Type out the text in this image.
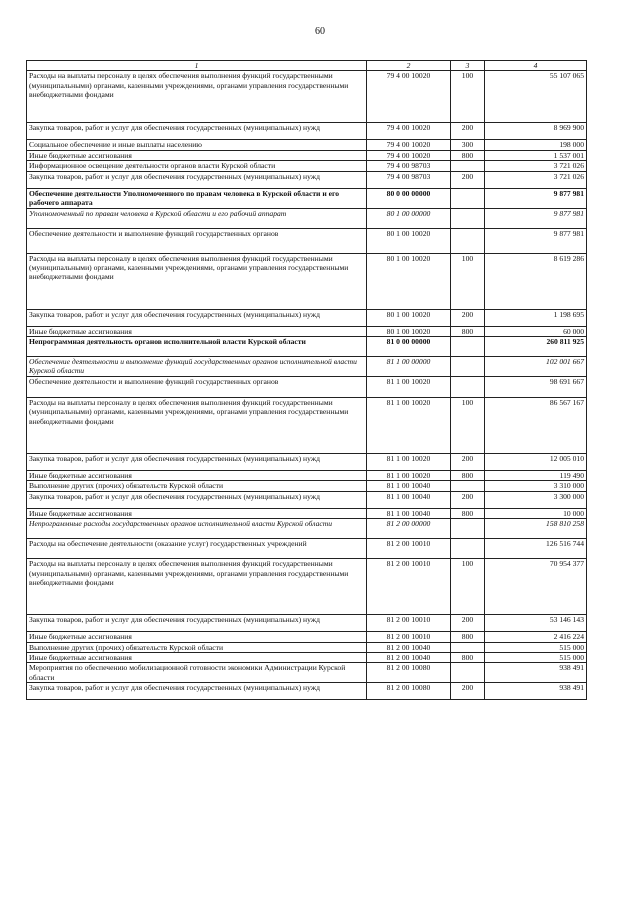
60
1	2	3	4
Расходы на выплаты персоналу в целях обеспечения выполнения функций государственными (муниципальными) органами, казенными учреждениями, органами управления государственными внебюджетными фондами	79 4 00 10020	100	55 107 065
Закупка товаров, работ и услуг для обеспечения государственных (муниципальных) нужд	79 4 00 10020	200	8 969 900
Социальное обеспечение и иные выплаты населению	79 4 00 10020	300	198 000
Иные бюджетные ассигнования	79 4 00 10020	800	1 537 001
Информационное освещение деятельности органов власти Курской области	79 4 00 98703		3 721 026
Закупка товаров, работ и услуг для обеспечения государственных (муниципальных) нужд	79 4 00 98703	200	3 721 026
Обеспечение деятельности Уполномоченного по правам человека в Курской области и его рабочего аппарата	80 0 00 00000		9 877 981
Уполномоченный по правам человека в Курской области и его рабочий аппарат	80 1 00 00000		9 877 981
Обеспечение деятельности и выполнение функций государственных органов	80 1 00 10020		9 877 981
Расходы на выплаты персоналу в целях обеспечения выполнения функций государственными (муниципальными) органами, казенными учреждениями, органами управления государственными внебюджетными фондами	80 1 00 10020	100	8 619 286
Закупка товаров, работ и услуг для обеспечения государственных (муниципальных) нужд	80 1 00 10020	200	1 198 695
Иные бюджетные ассигнования	80 1 00 10020	800	60 000
Непрограммная деятельность органов исполнительной власти Курской области	81 0 00 00000		260 811 925
Обеспечение деятельности и выполнение функций государственных органов исполнительной власти Курской области	81 1 00 00000		102 001 667
Обеспечение деятельности и выполнение функций государственных органов	81 1 00 10020		98 691 667
Расходы на выплаты персоналу в целях обеспечения выполнения функций государственными (муниципальными) органами, казенными учреждениями, органами управления государственными внебюджетными фондами	81 1 00 10020	100	86 567 167
Закупка товаров, работ и услуг для обеспечения государственных (муниципальных) нужд	81 1 00 10020	200	12 005 010
Иные бюджетные ассигнования	81 1 00 10020	800	119 490
Выполнение других (прочих) обязательств Курской области	81 1 00 10040		3 310 000
Закупка товаров, работ и услуг для обеспечения государственных (муниципальных) нужд	81 1 00 10040	200	3 300 000
Иные бюджетные ассигнования	81 1 00 10040	800	10 000
Непрограммные расходы государственных органов исполнительной власти Курской области	81 2 00 00000		158 810 258
Расходы на обеспечение деятельности (оказание услуг) государственных учреждений	81 2 00 10010		126 516 744
Расходы на выплаты персоналу в целях обеспечения выполнения функций государственными (муниципальными) органами, казенными учреждениями, органами управления государственными внебюджетными фондами	81 2 00 10010	100	70 954 377
Закупка товаров, работ и услуг для обеспечения государственных (муниципальных) нужд	81 2 00 10010	200	53 146 143
Иные бюджетные ассигнования	81 2 00 10010	800	2 416 224
Выполнение других (прочих) обязательств Курской области	81 2 00 10040		515 000
Иные бюджетные ассигнования	81 2 00 10040	800	515 000
Мероприятия по обеспечению мобилизационной готовности экономики Администрации Курской области	81 2 00 10080		938 491
Закупка товаров, работ и услуг для обеспечения государственных (муниципальных) нужд	81 2 00 10080	200	938 491
